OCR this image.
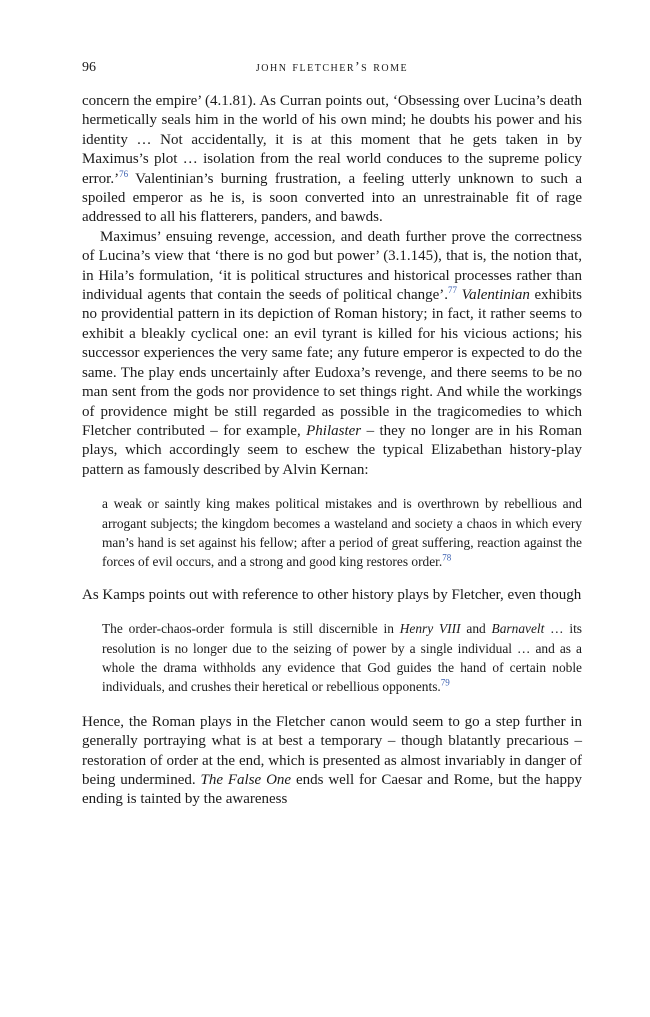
96	john fletcher’s rome

concern the empire’ (4.1.81). As Curran points out, ‘Obsessing over Lucina’s death hermetically seals him in the world of his own mind; he doubts his power and his identity … Not accidentally, it is at this moment that he gets taken in by Maximus’s plot … isolation from the real world conduces to the supreme policy error.’$^{76}$ Valentinian’s burning frustration, a feeling utterly unknown to such a spoiled emperor as he is, is soon converted into an unrestrainable fit of rage addressed to all his flatterers, panders, and bawds.

Maximus’ ensuing revenge, accession, and death further prove the correctness of Lucina’s view that ‘there is no god but power’ (3.1.145), that is, the notion that, in Hila’s formulation, ‘it is political structures and historical processes rather than individual agents that contain the seeds of political change’.$^{77}$ Valentinian exhibits no providential pattern in its depiction of Roman history; in fact, it rather seems to exhibit a bleakly cyclical one: an evil tyrant is killed for his vicious actions; his successor experiences the very same fate; any future emperor is expected to do the same. The play ends uncertainly after Eudoxa’s revenge, and there seems to be no man sent from the gods nor providence to set things right. And while the workings of providence might be still regarded as possible in the tragicomedies to which Fletcher contributed – for example, Philaster – they no longer are in his Roman plays, which accordingly seem to eschew the typical Elizabethan history-play pattern as famously described by Alvin Kernan:

a weak or saintly king makes political mistakes and is overthrown by rebellious and arrogant subjects; the kingdom becomes a wasteland and society a chaos in which every man’s hand is set against his fellow; after a period of great suffering, reaction against the forces of evil occurs, and a strong and good king restores order.$^{78}$

As Kamps points out with reference to other history plays by Fletcher, even though

The order-chaos-order formula is still discernible in Henry VIII and Barnavelt … its resolution is no longer due to the seizing of power by a single individual … and as a whole the drama withholds any evidence that God guides the hand of certain noble individuals, and crushes their heretical or rebellious opponents.$^{79}$

Hence, the Roman plays in the Fletcher canon would seem to go a step further in generally portraying what is at best a temporary – though blatantly precarious – restoration of order at the end, which is presented as almost invariably in danger of being undermined. The False One ends well for Caesar and Rome, but the happy ending is tainted by the awareness
